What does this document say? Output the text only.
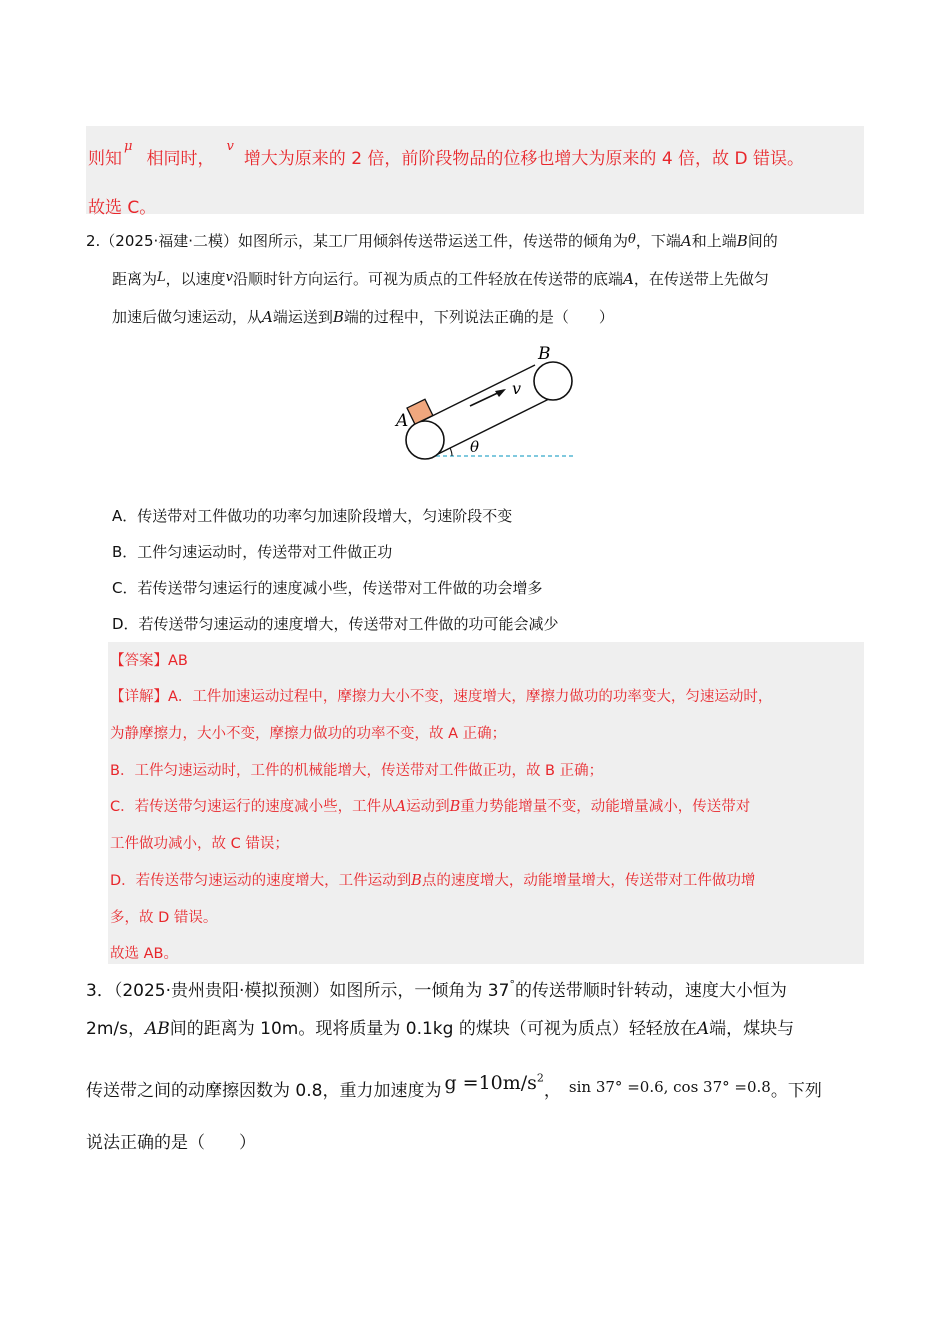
则知$^\mu$相同时，$^v$增大为原来的 2 倍，前阶段物品的位移也增大为原来的 4 倍，故 D 错误。
故选 C。
2.（2025·福建·二模）如图所示，某工厂用倾斜传送带运送工件，传送带的倾角为θ，下端A和上端B间的
距离为L，以速度v沿顺时针方向运行。可视为质点的工件轻放在传送带的底端A，在传送带上先做匀
加速后做匀速运动，从A端运送到B端的过程中，下列说法正确的是（　　）
A
B
v
θ
A．传送带对工件做功的功率匀加速阶段增大，匀速阶段不变
B．工件匀速运动时，传送带对工件做正功
C．若传送带匀速运行的速度减小些，传送带对工件做的功会增多
D．若传送带匀速运动的速度增大，传送带对工件做的功可能会减少
【答案】AB
【详解】A．工件加速运动过程中，摩擦力大小不变，速度增大，摩擦力做功的功率变大，匀速运动时，
为静摩擦力，大小不变，摩擦力做功的功率不变，故 A 正确；
B．工件匀速运动时，工件的机械能增大，传送带对工件做正功，故 B 正确；
C．若传送带匀速运行的速度减小些，工件从A运动到B重力势能增量不变，动能增量减小，传送带对
工件做功减小，故 C 错误；
D．若传送带匀速运动的速度增大，工件运动到B点的速度增大，动能增量增大，传送带对工件做功增
多，故 D 错误。
故选 AB。
3．（2025·贵州贵阳·模拟预测）如图所示，一倾角为 37°的传送带顺时针转动，速度大小恒为
2m/s，AB间的距离为 10m。现将质量为 0.1kg 的煤块（可视为质点）轻轻放在A端，煤块与
传送带之间的动摩擦因数为 0.8，重力加速度为 $g =10m/s^2$， sin 37° =0.6, cos 37° =0.8。下列
说法正确的是（　　）
